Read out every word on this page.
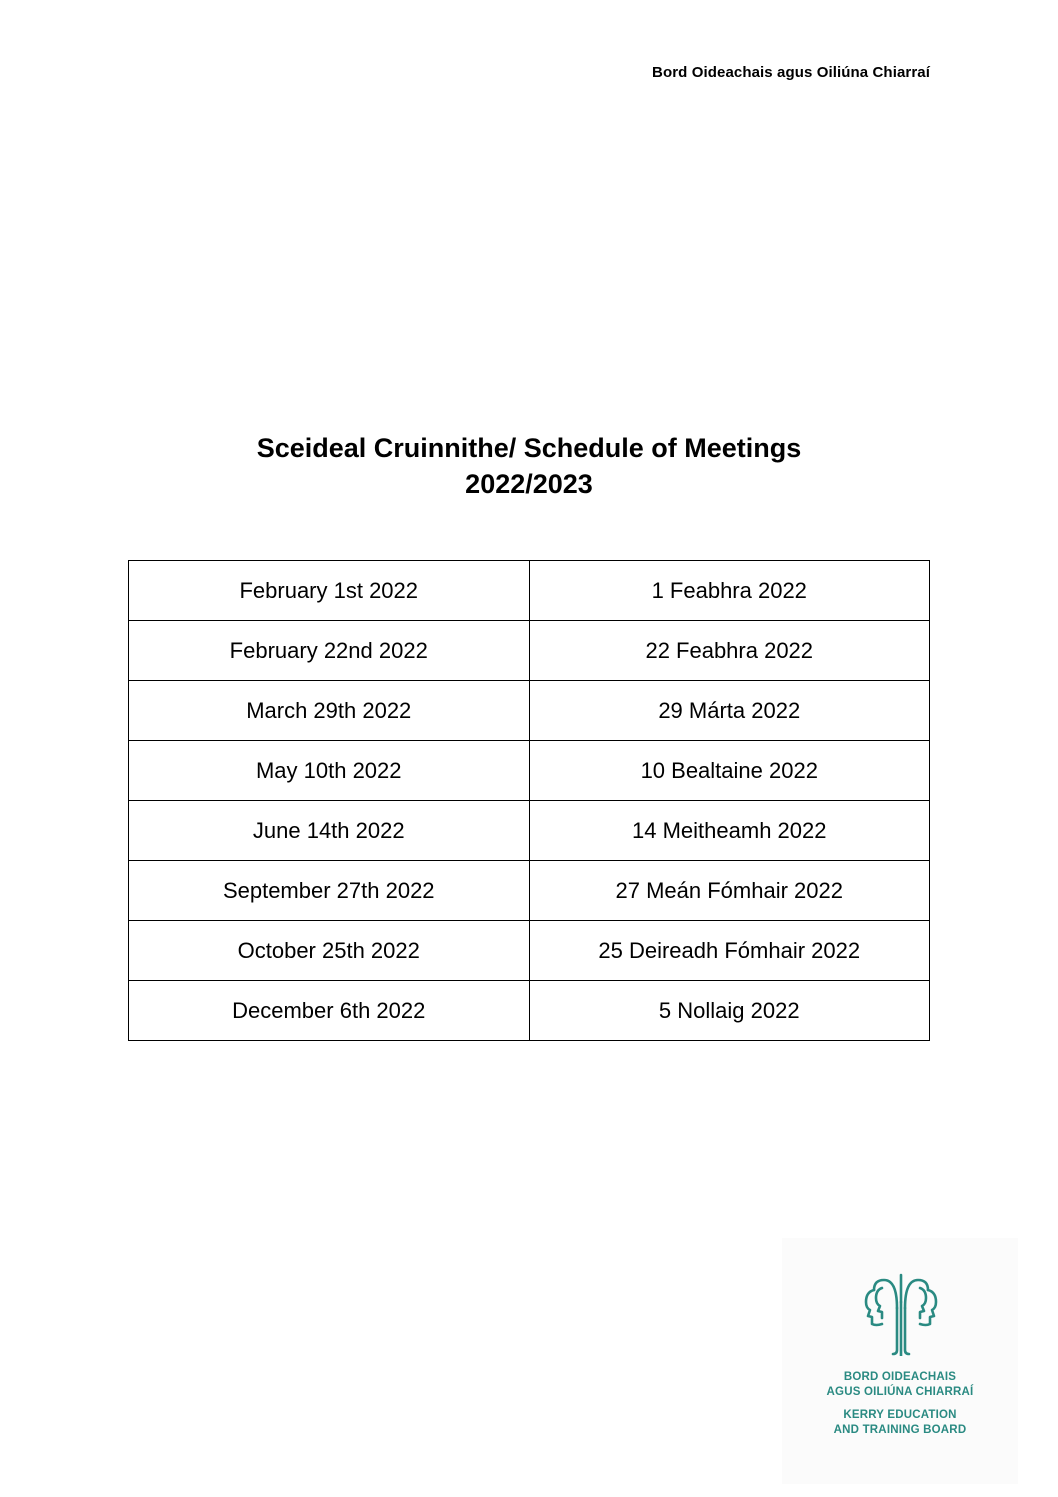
Bord Oideachais agus Oiliúna Chiarraí
Sceideal Cruinnithe/ Schedule of Meetings
2022/2023
February 1st 2022	1 Feabhra 2022
February 22nd 2022	22 Feabhra 2022
March 29th 2022	29 Márta 2022
May 10th 2022	10 Bealtaine 2022
June 14th 2022	14 Meitheamh 2022
September 27th 2022	27 Meán Fómhair 2022
October 25th 2022	25 Deireadh Fómhair 2022
December 6th 2022	5 Nollaig 2022
BORD OIDEACHAIS
AGUS OILIÚNA CHIARRAÍ
KERRY EDUCATION
AND TRAINING BOARD
